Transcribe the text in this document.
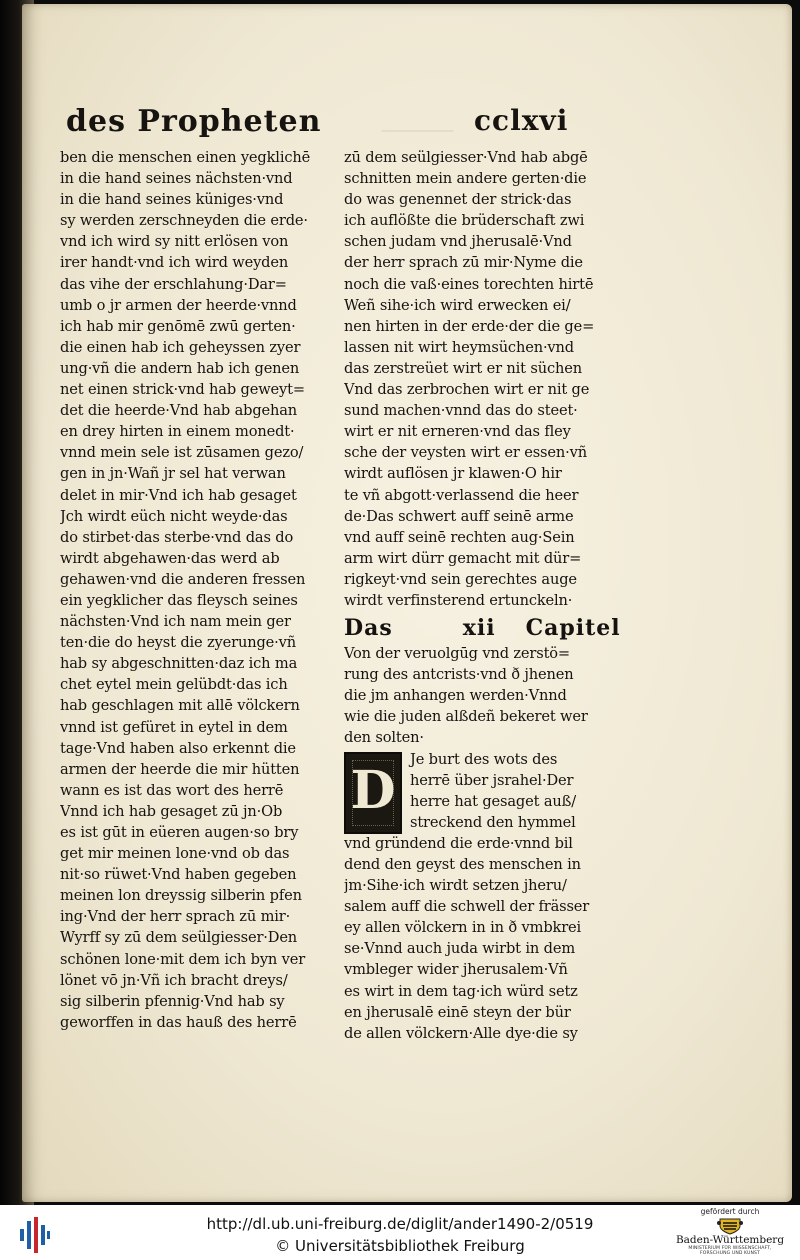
⸻
des Propheten	cclxvi
ben die menschen einen yegklichē
in die hand seines nächsten·vnd
in die hand seines küniges·vnd
sy werden zerschneyden die erde·
vnd ich wird sy nitt erlösen von
irer handt·vnd ich wird weyden
das vihe der erschlahung·Dar=
umb o jr armen der heerde·vnnd
ich hab mir genōmē zwū gerten·
die einen hab ich geheyssen zyer
ung·vñ die andern hab ich genen
net einen strick·vnd hab geweyt=
det die heerde·Vnd hab abgehan
en drey hirten in einem monedt·
vnnd mein sele ist zūsamen gezo/
gen in jn·Wañ jr sel hat verwan
delet in mir·Vnd ich hab gesaget
Jch wirdt eüch nicht weyde·das
do stirbet·das sterbe·vnd das do
wirdt abgehawen·das werd ab
gehawen·vnd die anderen fressen
ein yegklicher das fleysch seines
nächsten·Vnd ich nam mein ger
ten·die do heyst die zyerunge·vñ
hab sy abgeschnitten·daz ich ma
chet eytel mein gelübdt·das ich
hab geschlagen mit allē völckern
vnnd ist gefüret in eytel in dem
tage·Vnd haben also erkennt die
armen der heerde die mir hütten
wann es ist das wort des herrē
Vnnd ich hab gesaget zū jn·Ob
es ist gūt in eüeren augen·so bry
get mir meinen lone·vnd ob das
nit·so rüwet·Vnd haben gegeben
meinen lon dreyssig silberin pfen
ing·Vnd der herr sprach zū mir·
Wyrff sy zū dem seülgiesser·Den
schönen lone·mit dem ich byn ver
lönet vō jn·Vñ ich bracht dreys/
sig silberin pfennig·Vnd hab sy
geworffen in das hauß des herrē
zū dem seülgiesser·Vnd hab abgē
schnitten mein andere gerten·die
do was genennet der strick·das
ich auflößte die brüderschaft zwi
schen judam vnd jherusalē·Vnd
der herr sprach zū mir·Nyme die
noch die vaß·eines torechten hirtē
Weñ sihe·ich wird erwecken ei/
nen hirten in der erde·der die ge=
lassen nit wirt heymsüchen·vnd
das zerstreüet wirt er nit süchen
Vnd das zerbrochen wirt er nit ge
sund machen·vnnd das do steet·
wirt er nit erneren·vnd das fley
sche der veysten wirt er essen·vñ
wirdt auflösen jr klawen·O hir
te vñ abgott·verlassend die heer
de·Das schwert auff seinē arme
vnd auff seinē rechten aug·Sein
arm wirt dürr gemacht mit dür=
rigkeyt·vnd sein gerechtes auge
wirdt verfinsterend ertunckeln·
Das	xii Capitel
Von der veruolgūg vnd zerstö=
rung des antcrists·vnd ð jhenen
die jm anhangen werden·Vnnd
wie die juden alßdeñ bekeret wer
den solten·
D
Je burt des wots des
herrē über jsrahel·Der
herre hat gesaget auß/
streckend den hymmel
vnd gründend die erde·vnnd bil
dend den geyst des menschen in
jm·Sihe·ich wirdt setzen jheru/
salem auff die schwell der frässer
ey allen völckern in in ð vmbkrei
se·Vnnd auch juda wirbt in dem
vmbleger wider jherusalem·Vñ
es wirt in dem tag·ich würd setz
en jherusalē einē steyn der bür
de allen völckern·Alle dye·die sy
http://dl.ub.uni-freiburg.de/diglit/ander1490-2/0519
© Universitätsbibliothek Freiburg
gefördert durch
Baden-Württemberg
MINISTERIUM FÜR WISSENSCHAFT, FORSCHUNG UND KUNST
